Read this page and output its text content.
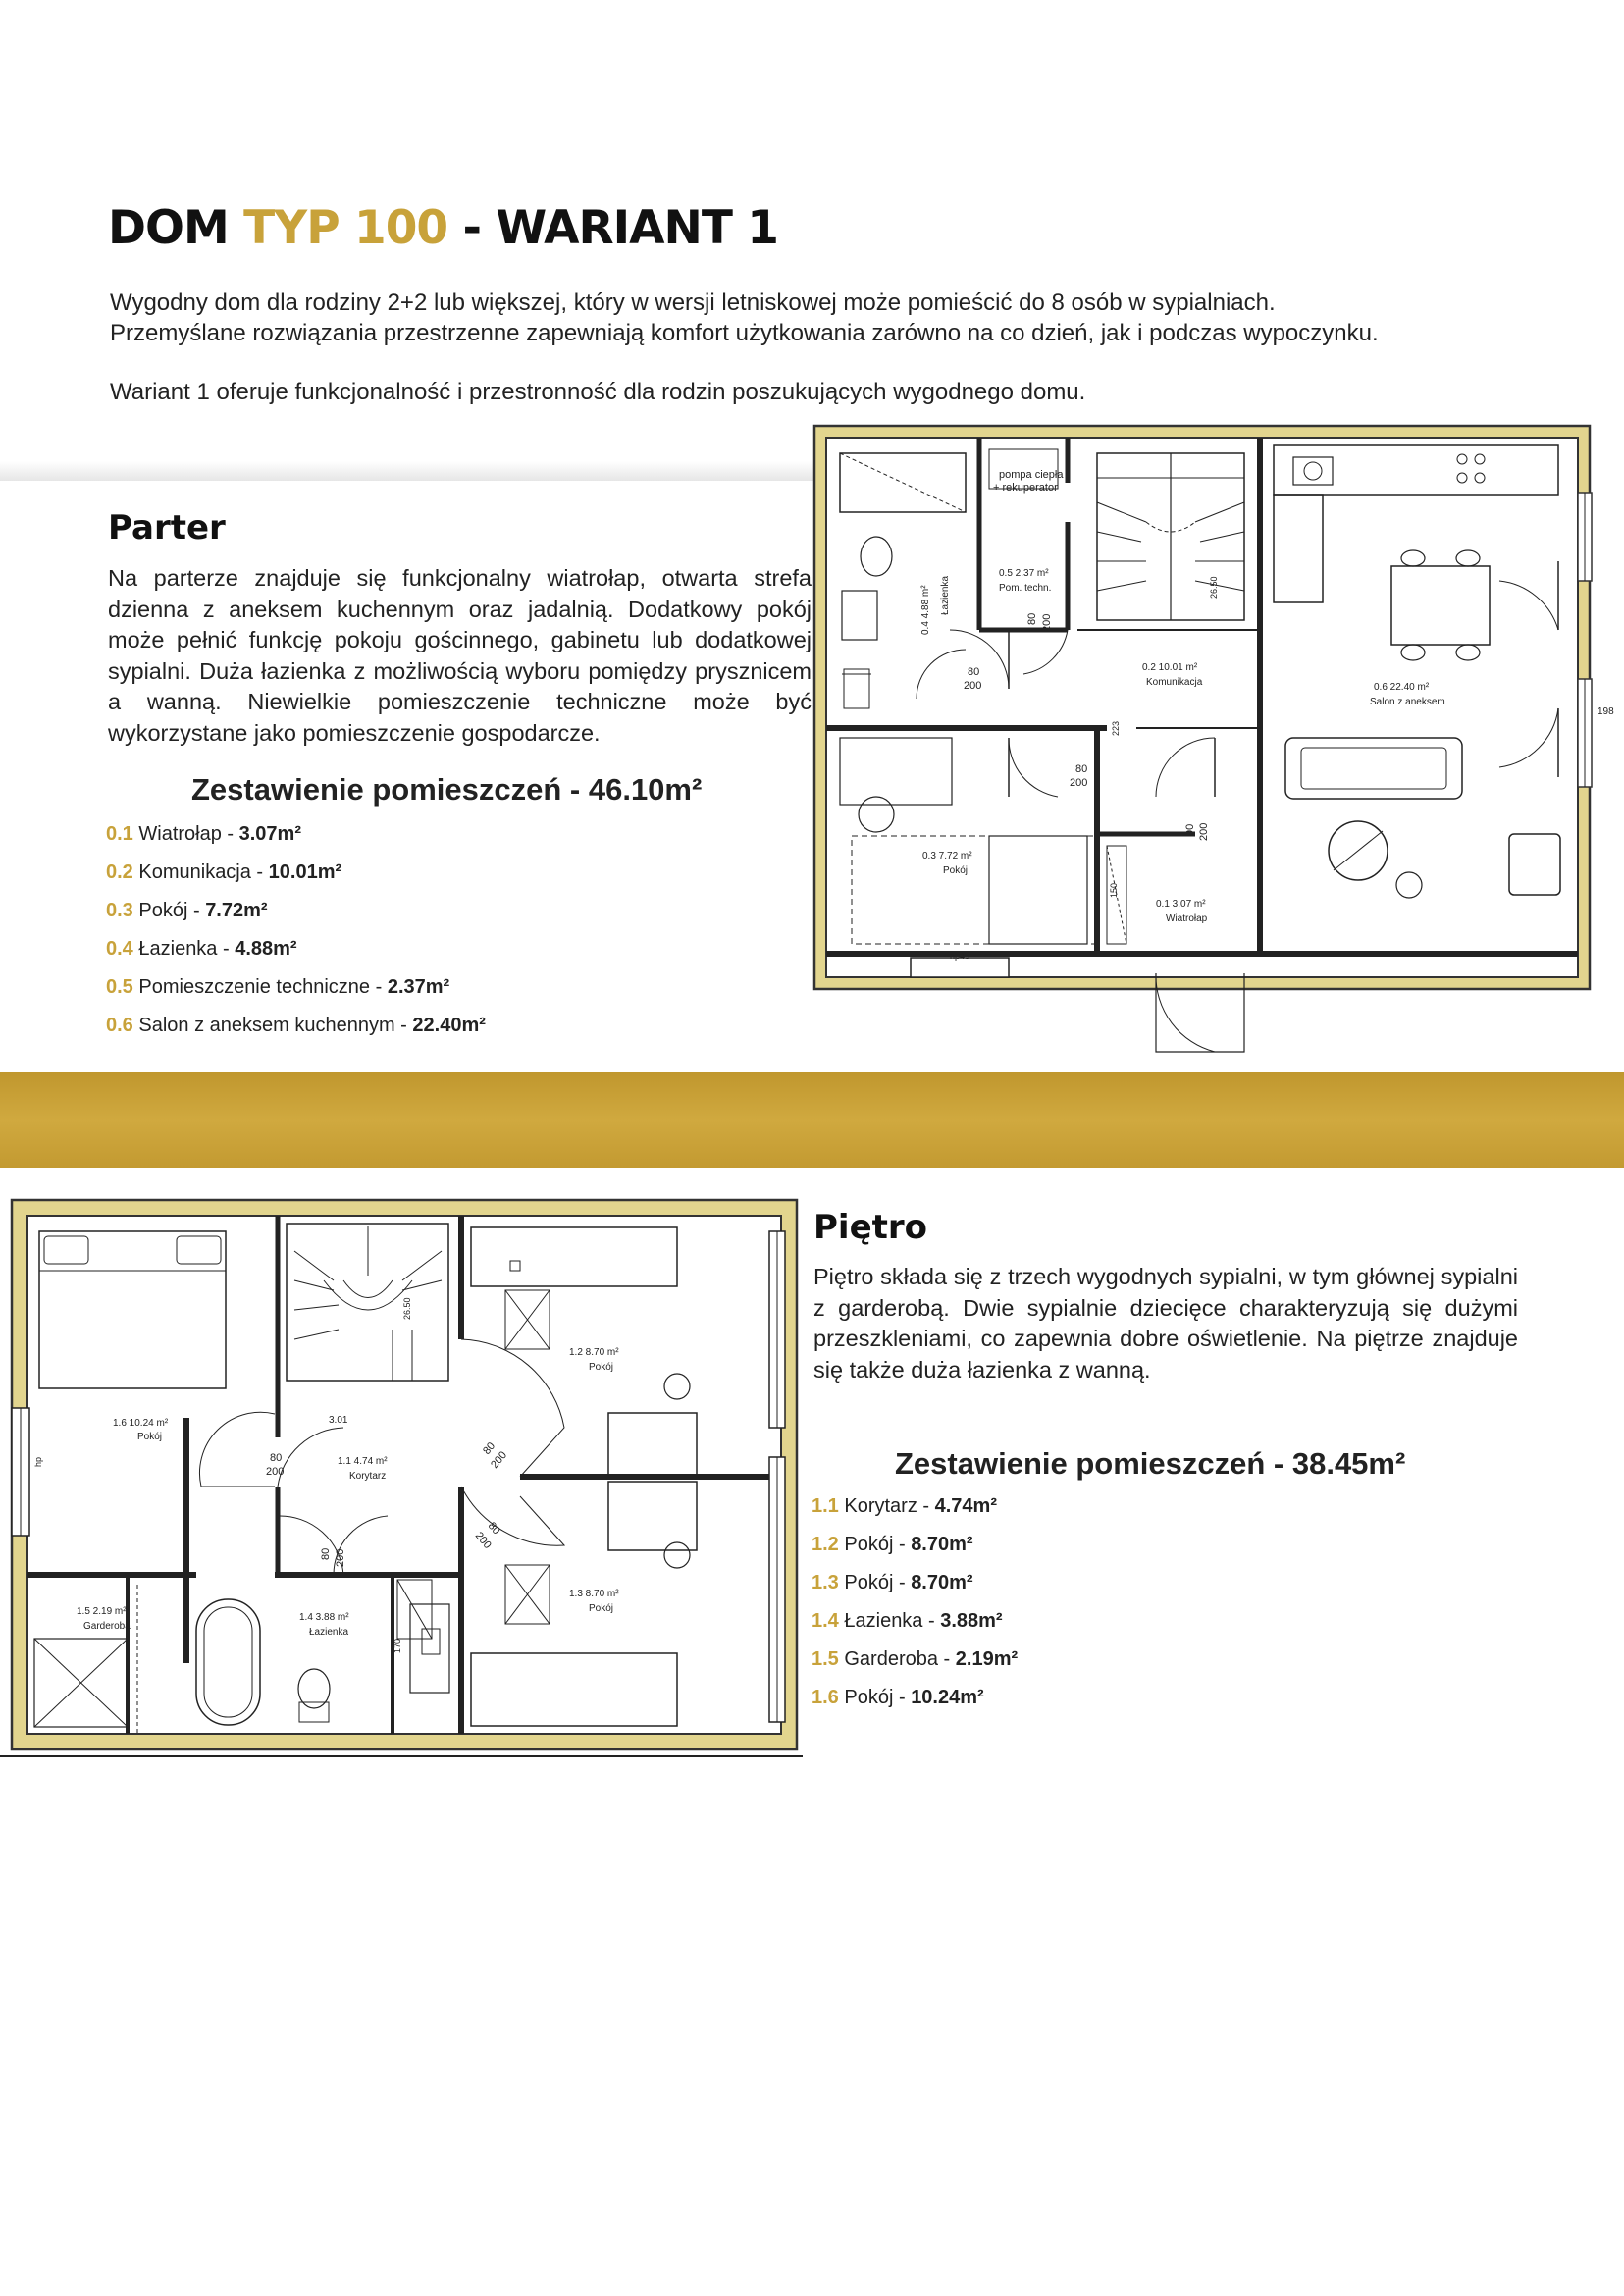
DOM TYP 100 - WARIANT 1
Wygodny dom dla rodziny 2+2 lub większej, który w wersji letniskowej może pomieścić do 8 osób w sypialniach.
Przemyślane rozwiązania przestrzenne zapewniają komfort użytkowania zarówno na co dzień, jak i podczas wypoczynku.
Wariant 1 oferuje funkcjonalność i przestronność dla rodzin poszukujących wygodnego domu.
Parter
Na parterze znajduje się funkcjonalny wiatrołap, otwarta strefa dzienna z aneksem kuchennym oraz jadalnią. Dodatkowy pokój może pełnić funkcję pokoju gościnnego, gabinetu lub dodatkowej sypialni. Duża łazienka z możliwością wyboru pomiędzy prysznicem a wanną. Niewielkie pomieszczenie techniczne może być wykorzystane jako pomieszczenie gospodarcze.
Zestawienie pomieszczeń - 46.10m²
0.1 Wiatrołap - 3.07m²
0.2 Komunikacja - 10.01m²
0.3 Pokój - 7.72m²
0.4 Łazienka - 4.88m²
0.5 Pomieszczenie techniczne - 2.37m²
0.6 Salon z aneksem kuchennym - 22.40m²
pompa ciepła
+ rekuperator
0.5 2.37 m²
Pom. techn.
0.4 4.88 m² Łazienka
0.2 10.01 m²
Komunikacja	0.6 22.40 m²
Salon z aneksem
0.3 7.72 m²
Pokój
0.1 3.07 m²
Wiatrołap
80
200
80
200
80 200
90 200
223
150
198
hp45
26.50
1.6 10.24 m²
Pokój
1.1 4.74 m²
Korytarz
1.2 8.70 m²
Pokój
1.3 8.70 m²
Pokój
1.4 3.88 m²
Łazienka
1.5 2.19 m²
Garderoba
80
200
80 200
80
200
80
200
170
3.01
26.50
hp
Piętro
Piętro składa się z trzech wygodnych sypialni, w tym głównej sypialni z garderobą. Dwie sypialnie dziecięce charakteryzują się dużymi przeszkleniami, co zapewnia dobre oświetlenie. Na piętrze znajduje się także duża łazienka z wanną.
Zestawienie pomieszczeń - 38.45m²
1.1 Korytarz - 4.74m²
1.2 Pokój - 8.70m²
1.3 Pokój - 8.70m²
1.4 Łazienka - 3.88m²
1.5 Garderoba - 2.19m²
1.6 Pokój - 10.24m²
